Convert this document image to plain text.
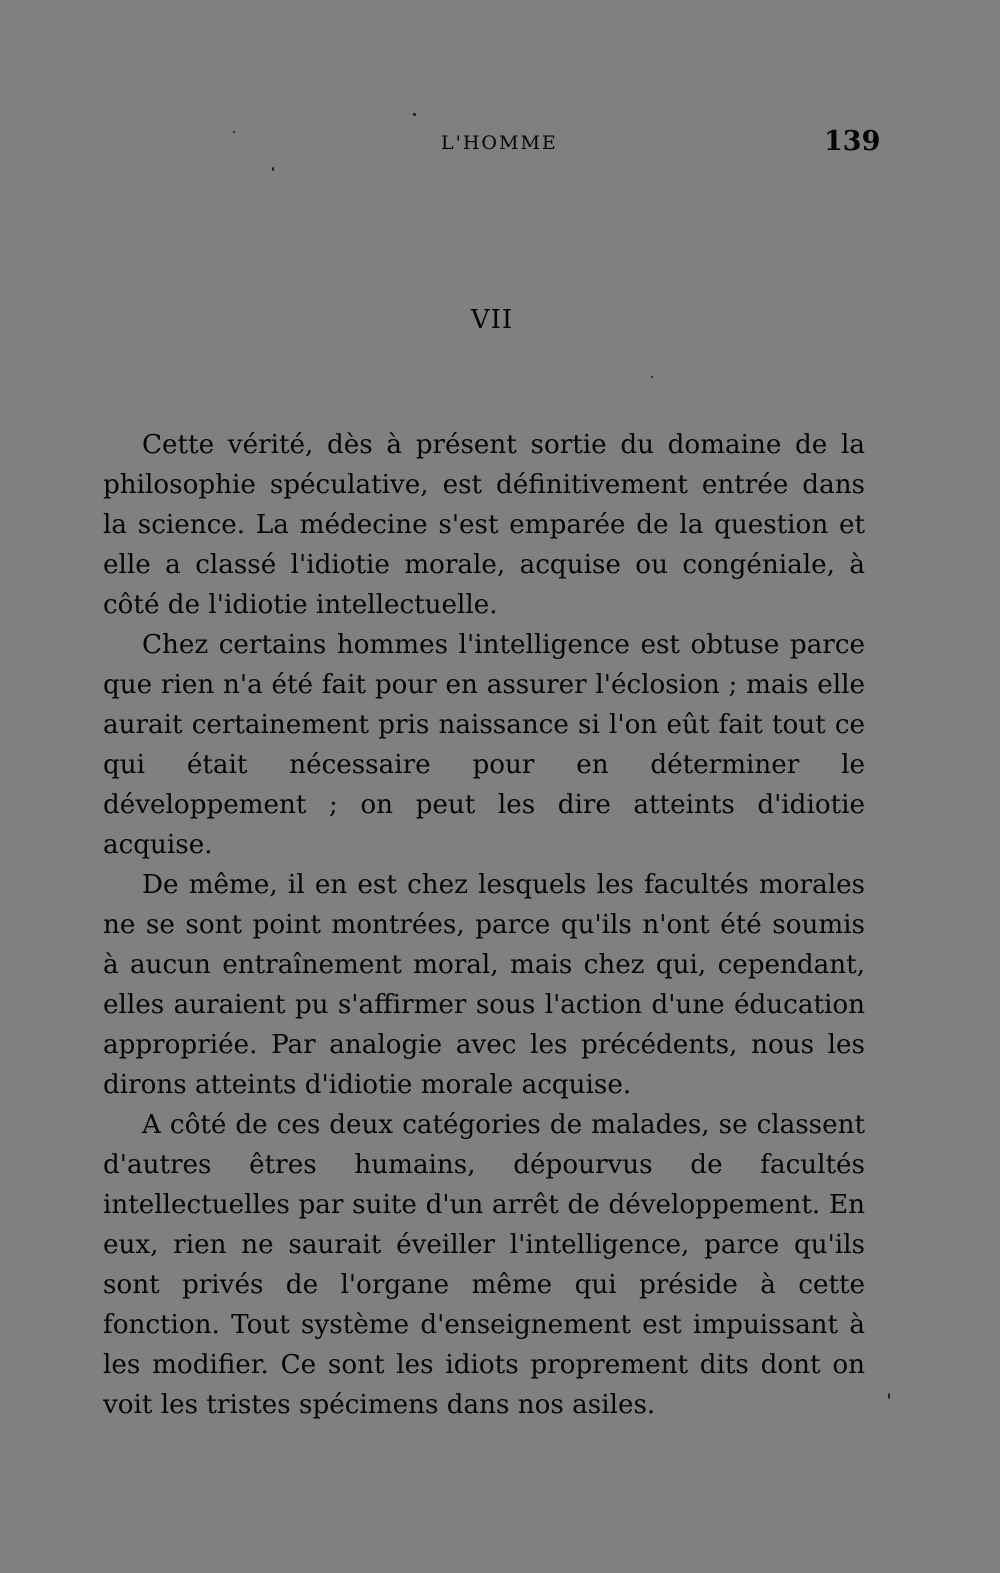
L'HOMME	139
VII

Cette vérité, dès à présent sortie du domaine de la philosophie spéculative, est définitivement entrée dans la science. La médecine s'est emparée de la question et elle a classé l'idiotie morale, acquise ou congéniale, à côté de l'idiotie intellectuelle.

Chez certains hommes l'intelligence est obtuse parce que rien n'a été fait pour en assurer l'éclosion ; mais elle aurait certainement pris naissance si l'on eût fait tout ce qui était nécessaire pour en déterminer le développement ; on peut les dire atteints d'idiotie acquise.

De même, il en est chez lesquels les facultés morales ne se sont point montrées, parce qu'ils n'ont été soumis à aucun entraînement moral, mais chez qui, cependant, elles auraient pu s'affirmer sous l'action d'une éducation appropriée. Par analogie avec les précédents, nous les dirons atteints d'idiotie morale acquise.

A côté de ces deux catégories de malades, se classent d'autres êtres humains, dépourvus de facultés intellectuelles par suite d'un arrêt de développement. En eux, rien ne saurait éveiller l'intelligence, parce qu'ils sont privés de l'organe même qui préside à cette fonction. Tout système d'enseignement est impuissant à les modifier. Ce sont les idiots proprement dits dont on voit les tristes spécimens dans nos asiles.
